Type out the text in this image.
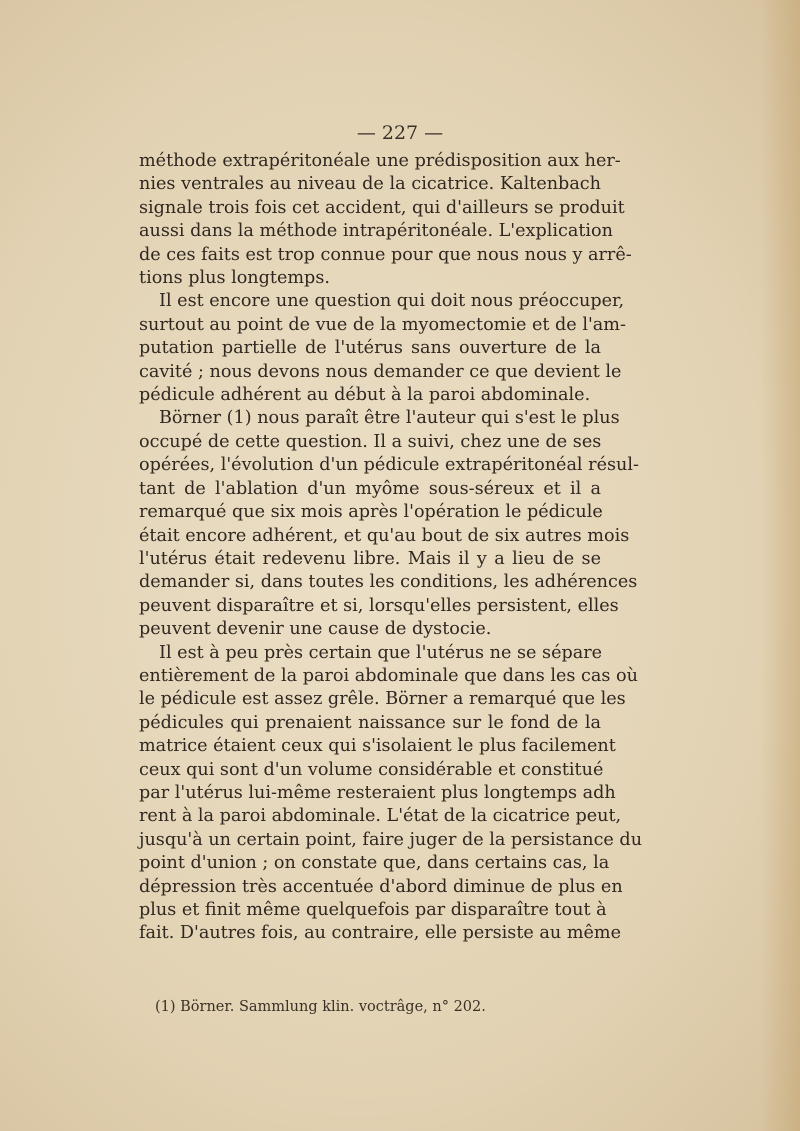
— 227 —
méthode extrapéritonéale une prédisposition aux her-
nies ventrales au niveau de la cicatrice. Kaltenbach
signale trois fois cet accident, qui d'ailleurs se produit
aussi dans la méthode intrapéritonéale. L'explication
de ces faits est trop connue pour que nous nous y arrê-
tions plus longtemps.
Il est encore une question qui doit nous préoccuper,
surtout au point de vue de la myomectomie et de l'am-
putation partielle de l'utérus sans ouverture de la
cavité ; nous devons nous demander ce que devient le
pédicule adhérent au début à la paroi abdominale.
Börner (1) nous paraît être l'auteur qui s'est le plus
occupé de cette question. Il a suivi, chez une de ses
opérées, l'évolution d'un pédicule extrapéritonéal résul-
tant de l'ablation d'un myôme sous-séreux et il a
remarqué que six mois après l'opération le pédicule
était encore adhérent, et qu'au bout de six autres mois
l'utérus était redevenu libre. Mais il y a lieu de se
demander si, dans toutes les conditions, les adhérences
peuvent disparaître et si, lorsqu'elles persistent, elles
peuvent devenir une cause de dystocie.
Il est à peu près certain que l'utérus ne se sépare
entièrement de la paroi abdominale que dans les cas où
le pédicule est assez grêle. Börner a remarqué que les
pédicules qui prenaient naissance sur le fond de la
matrice étaient ceux qui s'isolaient le plus facilement
ceux qui sont d'un volume considérable et constitué
par l'utérus lui-même resteraient plus longtemps adh
rent à la paroi abdominale. L'état de la cicatrice peut,
jusqu'à un certain point, faire juger de la persistance du
point d'union ; on constate que, dans certains cas, la
dépression très accentuée d'abord diminue de plus en
plus et finit même quelquefois par disparaître tout à
fait. D'autres fois, au contraire, elle persiste au même
(1) Börner. Sammlung klin. voctrâge, n° 202.
